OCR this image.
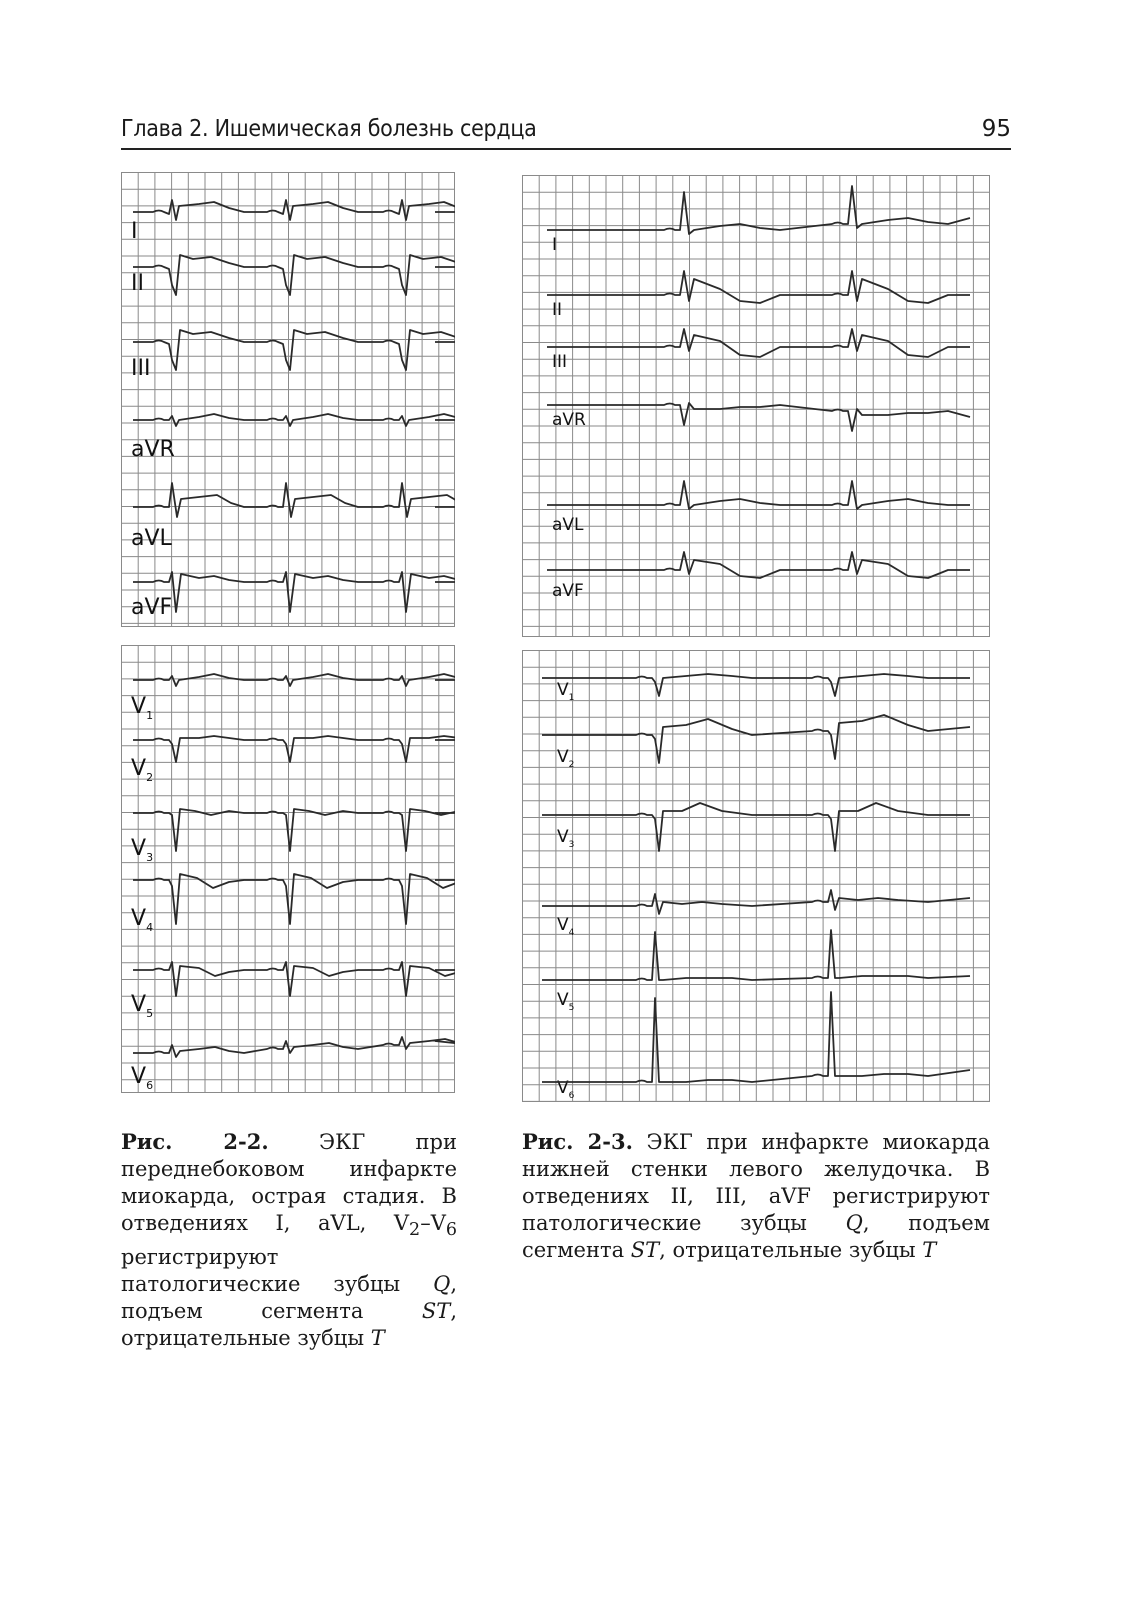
Глава 2. Ишемическая болезнь сердца	95
I
II
III
aVR
aVL
aVF
$V_1$
$V_2$
$V_3$
$V_4$
$V_5$
$V_6$
I
II
III
aVR
aVL
aVF
$V_1$
$V_2$
$V_3$
$V_4$
$V_5$
$V_6$
Рис. 2-2. ЭКГ при переднебоковом инфаркте миокарда, острая стадия. В отведениях I, aVL, $V_2-V_6$ регистрируют патологические зубцы Q, подъем сегмента ST, отрицательные зубцы T
Рис. 2-3. ЭКГ при инфаркте миокарда нижней стенки левого желудочка. В отведениях II, III, aVF регистрируют патологические зубцы Q, подъем сегмента ST, отрицательные зубцы T
